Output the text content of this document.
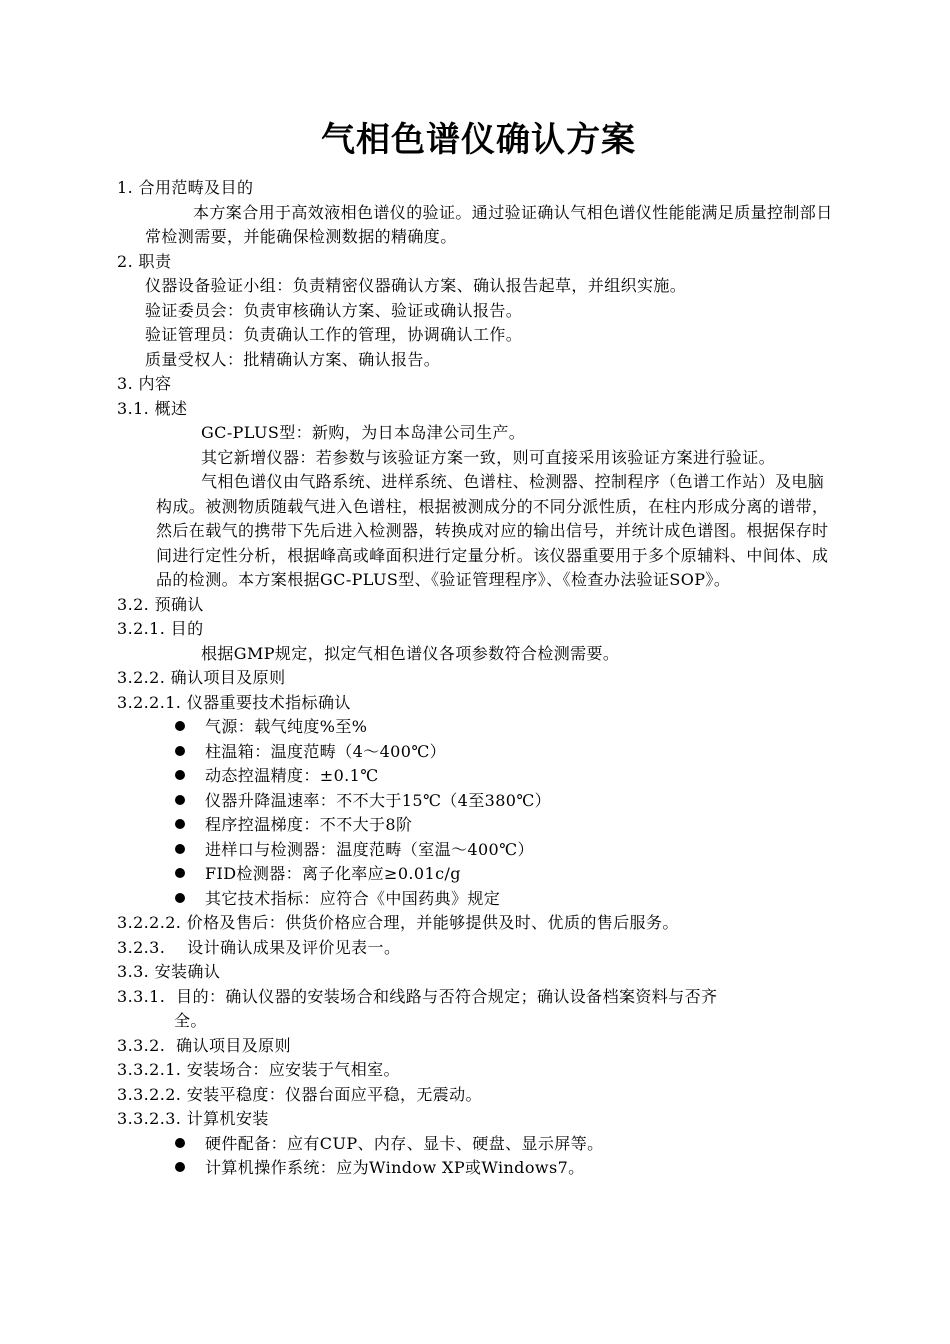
气相色谱仪确认方案
1. 合用范畴及目的
本方案合用于高效液相色谱仪的验证。通过验证确认气相色谱仪性能能满足质量控制部日常检测需要，并能确保检测数据的精确度。
2. 职责
仪器设备验证小组：负责精密仪器确认方案、确认报告起草，并组织实施。
验证委员会：负责审核确认方案、验证或确认报告。
验证管理员：负责确认工作的管理，协调确认工作。
质量受权人：批精确认方案、确认报告。
3. 内容
3.1. 概述
GC-PLUS型：新购，为日本岛津公司生产。
其它新增仪器：若参数与该验证方案一致，则可直接采用该验证方案进行验证。
气相色谱仪由气路系统、进样系统、色谱柱、检测器、控制程序（色谱工作站）及电脑构成。被测物质随载气进入色谱柱，根据被测成分的不同分派性质，在柱内形成分离的谱带，然后在载气的携带下先后进入检测器，转换成对应的输出信号，并统计成色谱图。根据保存时间进行定性分析，根据峰高或峰面积进行定量分析。该仪器重要用于多个原辅料、中间体、成品的检测。本方案根据GC-PLUS型、《验证管理程序》、《检查办法验证SOP》。
3.2. 预确认
3.2.1. 目的
根据GMP规定，拟定气相色谱仪各项参数符合检测需要。
3.2.2. 确认项目及原则
3.2.2.1. 仪器重要技术指标确认
气源：载气纯度%至%
柱温箱：温度范畴（4～400℃）
动态控温精度：±0.1℃
仪器升降温速率：不不大于15℃（4至380℃）
程序控温梯度：不不大于8阶
进样口与检测器：温度范畴（室温～400℃）
FID检测器：离子化率应≥0.01c/g
其它技术指标：应符合《中国药典》规定
3.2.2.2. 价格及售后：供货价格应合理，并能够提供及时、优质的售后服务。
3.2.3.    设计确认成果及评价见表一。
3.3. 安装确认
3.3.1.  目的：确认仪器的安装场合和线路与否符合规定；确认设备档案资料与否齐
全。
3.3.2.  确认项目及原则
3.3.2.1. 安装场合：应安装于气相室。
3.3.2.2. 安装平稳度：仪器台面应平稳，无震动。
3.3.2.3. 计算机安装
硬件配备：应有CUP、内存、显卡、硬盘、显示屏等。
计算机操作系统：应为Window XP或Windows7。
